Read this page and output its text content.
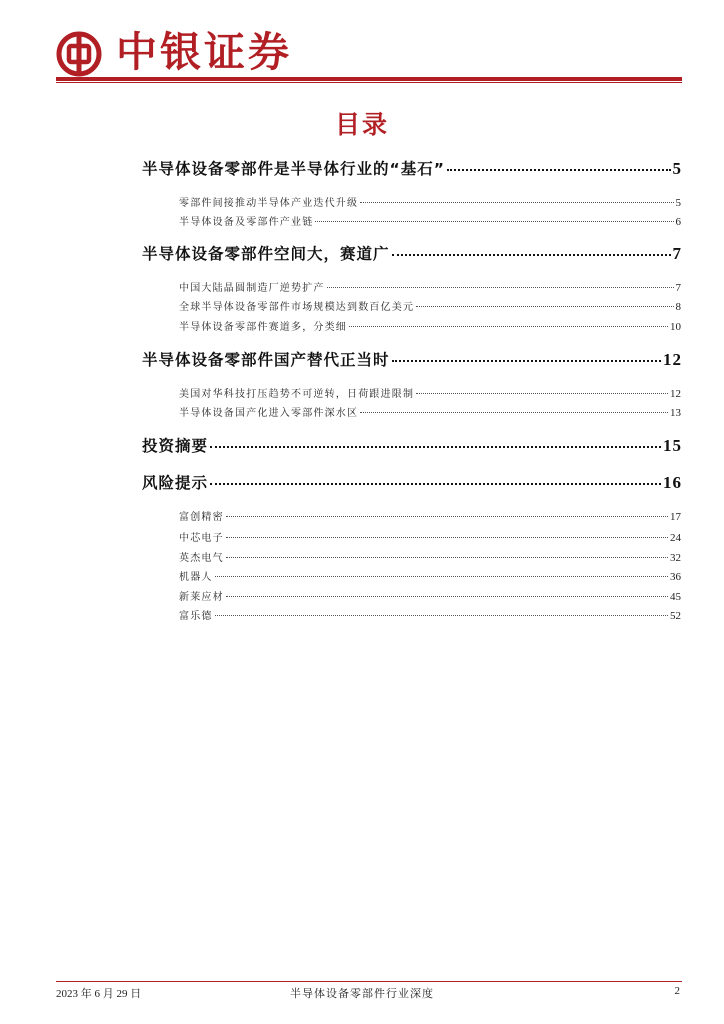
中银证券
目录
半导体设备零部件是半导体行业的“基石”	5
零部件间接推动半导体产业迭代升级	5
半导体设备及零部件产业链	6
半导体设备零部件空间大，赛道广	7
中国大陆晶圆制造厂逆势扩产	7
全球半导体设备零部件市场规模达到数百亿美元	8
半导体设备零部件赛道多，分类细	10
半导体设备零部件国产替代正当时	12
美国对华科技打压趋势不可逆转，日荷跟进限制	12
半导体设备国产化进入零部件深水区	13
投资摘要	15
风险提示	16
富创精密	17
中芯电子	24
英杰电气	32
机器人	36
新莱应材	45
富乐德	52
2023 年 6 月 29 日	半导体设备零部件行业深度	2
